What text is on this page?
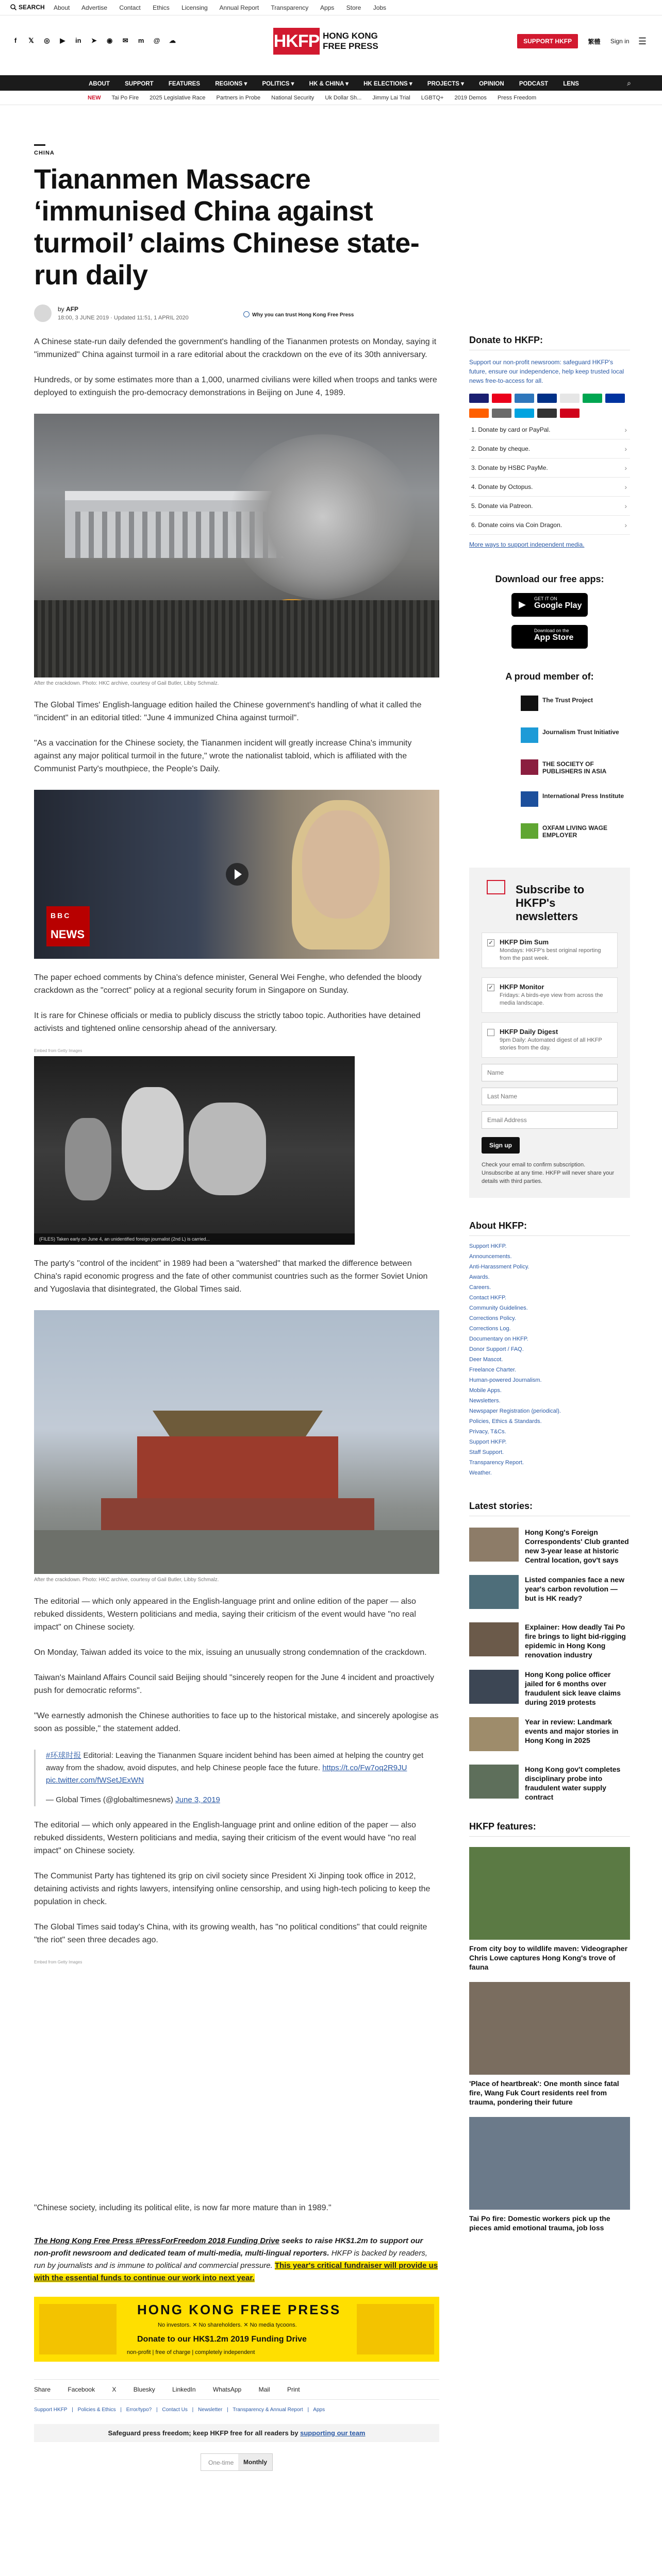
SEARCH About Advertise Contact Ethics Licensing Annual Report Transparency Apps Store Jobs
f 𝕏 ◎ ▶ in ➤ ◉ ✉ m @ ☁	HKFP HONG KONG
FREE PRESS	SUPPORT HKFP	繁體 Sign in ☰
ABOUT	SUPPORT	FEATURES	REGIONS ▾	POLITICS ▾	HK & CHINA ▾	HK ELECTIONS ▾	PROJECTS ▾	OPINION	PODCAST	LENS	⌕
NEW Tai Po Fire 2025 Legislative Race Partners in Probe National Security Uk Dollar Sh... Jimmy Lai Trial LGBTQ+ 2019 Demos Press Freedom
CHINA
Tiananmen Massacre ‘immunised China against turmoil’ claims Chinese state-run daily
by AFP
18:00, 3 JUNE 2019 · Updated 11:51, 1 APRIL 2020	Why you can trust Hong Kong Free Press

A Chinese state-run daily defended the government's handling of the Tiananmen protests on Monday, saying it "immunized" China against turmoil in a rare editorial about the crackdown on the eve of its 30th anniversary.

Hundreds, or by some estimates more than a 1,000, unarmed civilians were killed when troops and tanks were deployed to extinguish the pro-democracy demonstrations in Beijing on June 4, 1989.

After the crackdown. Photo: HKC archive, courtesy of Gail Butler, Libby Schmalz.

The Global Times' English-language edition hailed the Chinese government's handling of what it called the "incident" in an editorial titled: "June 4 immunized China against turmoil".

"As a vaccination for the Chinese society, the Tiananmen incident will greatly increase China's immunity against any major political turmoil in the future," wrote the nationalist tabloid, which is affiliated with the Communist Party's mouthpiece, the People's Daily.

BBC
NEWS

The paper echoed comments by China's defence minister, General Wei Fenghe, who defended the bloody crackdown as the "correct" policy at a regional security forum in Singapore on Sunday.

It is rare for Chinese officials or media to publicly discuss the strictly taboo topic. Authorities have detained activists and tightened online censorship ahead of the anniversary.

Embed from Getty Images
(FILES) Taken early on June 4, an unidentified foreign journalist (2nd L) is carried...

The party's "control of the incident" in 1989 had been a "watershed" that marked the difference between China's rapid economic progress and the fate of other communist countries such as the former Soviet Union and Yugoslavia that disintegrated, the Global Times said.

After the crackdown. Photo: HKC archive, courtesy of Gail Butler, Libby Schmalz.

The editorial — which only appeared in the English-language print and online edition of the paper — also rebuked dissidents, Western politicians and media, saying their criticism of the event would have "no real impact" on Chinese society.

On Monday, Taiwan added its voice to the mix, issuing an unusually strong condemnation of the crackdown.

Taiwan's Mainland Affairs Council said Beijing should "sincerely reopen for the June 4 incident and proactively push for democratic reforms".

"We earnestly admonish the Chinese authorities to face up to the historical mistake, and sincerely apologise as soon as possible," the statement added.

#环球时报 Editorial: Leaving the Tiananmen Square incident behind has been aimed at helping the country get away from the shadow, avoid disputes, and help Chinese people face the future. https://t.co/Fw7oq2R9JU pic.twitter.com/fWSetJExWN

— Global Times (@globaltimesnews) June 3, 2019

The editorial — which only appeared in the English-language print and online edition of the paper — also rebuked dissidents, Western politicians and media, saying their criticism of the event would have "no real impact" on Chinese society.

The Communist Party has tightened its grip on civil society since President Xi Jinping took office in 2012, detaining activists and rights lawyers, intensifying online censorship, and using high-tech policing to keep the population in check.

The Global Times said today's China, with its growing wealth, has "no political conditions" that could reignite "the riot" seen three decades ago.

Embed from Getty Images

"Chinese society, including its political elite, is now far more mature than in 1989."

The Hong Kong Free Press #PressForFreedom 2018 Funding Drive seeks to raise HK$1.2m to support our non-profit newsroom and dedicated team of multi-media, multi-lingual reporters. HKFP is backed by readers, run by journalists and is immune to political and commercial pressure. This year's critical fundraiser will provide us with the essential funds to continue our work into next year.

HONG KONG FREE PRESS
No investors. ✕ No shareholders. ✕ No media tycoons.
Donate to our HK$1.2m 2019 Funding Drive
non-profit | free of charge | completely independent
Share	Facebook	X	Bluesky	LinkedIn	WhatsApp	Mail	Print
Support HKFP | Policies & Ethics | Error/typo? | Contact Us | Newsletter | Transparency & Annual Report | Apps
Safeguard press freedom; keep HKFP free for all readers by supporting our team
One-time	Monthly
Donate to HKFP:

Support our non-profit newsroom: safeguard HKFP's future, ensure our independence, help keep trusted local news free-to-access for all.

1. Donate by card or PayPal. ›
2. Donate by cheque. ›
3. Donate by HSBC PayMe. ›
4. Donate by Octopus. ›
5. Donate via Patreon. ›
6. Donate coins via Coin Dragon. ›
More ways to support independent media.
Download our free apps:
▶
GET IT ON
Google Play
Download on the
App Store
A proud member of:
The Trust Project
Journalism Trust Initiative
THE SOCIETY OF PUBLISHERS IN ASIA
International Press Institute
OXFAM LIVING WAGE EMPLOYER
Subscribe to HKFP's newsletters
✓ HKFP Dim Sum
Mondays: HKFP's best original reporting from the past week.
✓ HKFP Monitor
Fridays: A birds-eye view from across the media landscape.
HKFP Daily Digest
9pm Daily: Automated digest of all HKFP stories from the day.
Name Last Name Email Address Sign up
Check your email to confirm subscription. Unsubscribe at any time. HKFP will never share your details with third parties.
About HKFP:
Support HKFP.
Announcements.
Anti-Harassment Policy.
Awards.
Careers.
Contact HKFP.
Community Guidelines.
Corrections Policy.
Corrections Log.
Documentary on HKFP.
Donor Support / FAQ.
Deer Mascot.
Freelance Charter.
Human-powered Journalism.
Mobile Apps.
Newsletters.
Newspaper Registration (periodical).
Policies, Ethics & Standards.
Privacy, T&Cs.
Support HKFP.
Staff Support.
Transparency Report.
Weather.
Latest stories:
Hong Kong's Foreign Correspondents' Club granted new 3-year lease at historic Central location, gov't says
Listed companies face a new year's carbon revolution — but is HK ready?
Explainer: How deadly Tai Po fire brings to light bid-rigging epidemic in Hong Kong renovation industry
Hong Kong police officer jailed for 6 months over fraudulent sick leave claims during 2019 protests
Year in review: Landmark events and major stories in Hong Kong in 2025
Hong Kong gov't completes disciplinary probe into fraudulent water supply contract
HKFP features:
From city boy to wildlife maven: Videographer Chris Lowe captures Hong Kong's trove of fauna
'Place of heartbreak': One month since fatal fire, Wang Fuk Court residents reel from trauma, pondering their future
Tai Po fire: Domestic workers pick up the pieces amid emotional trauma, job loss
